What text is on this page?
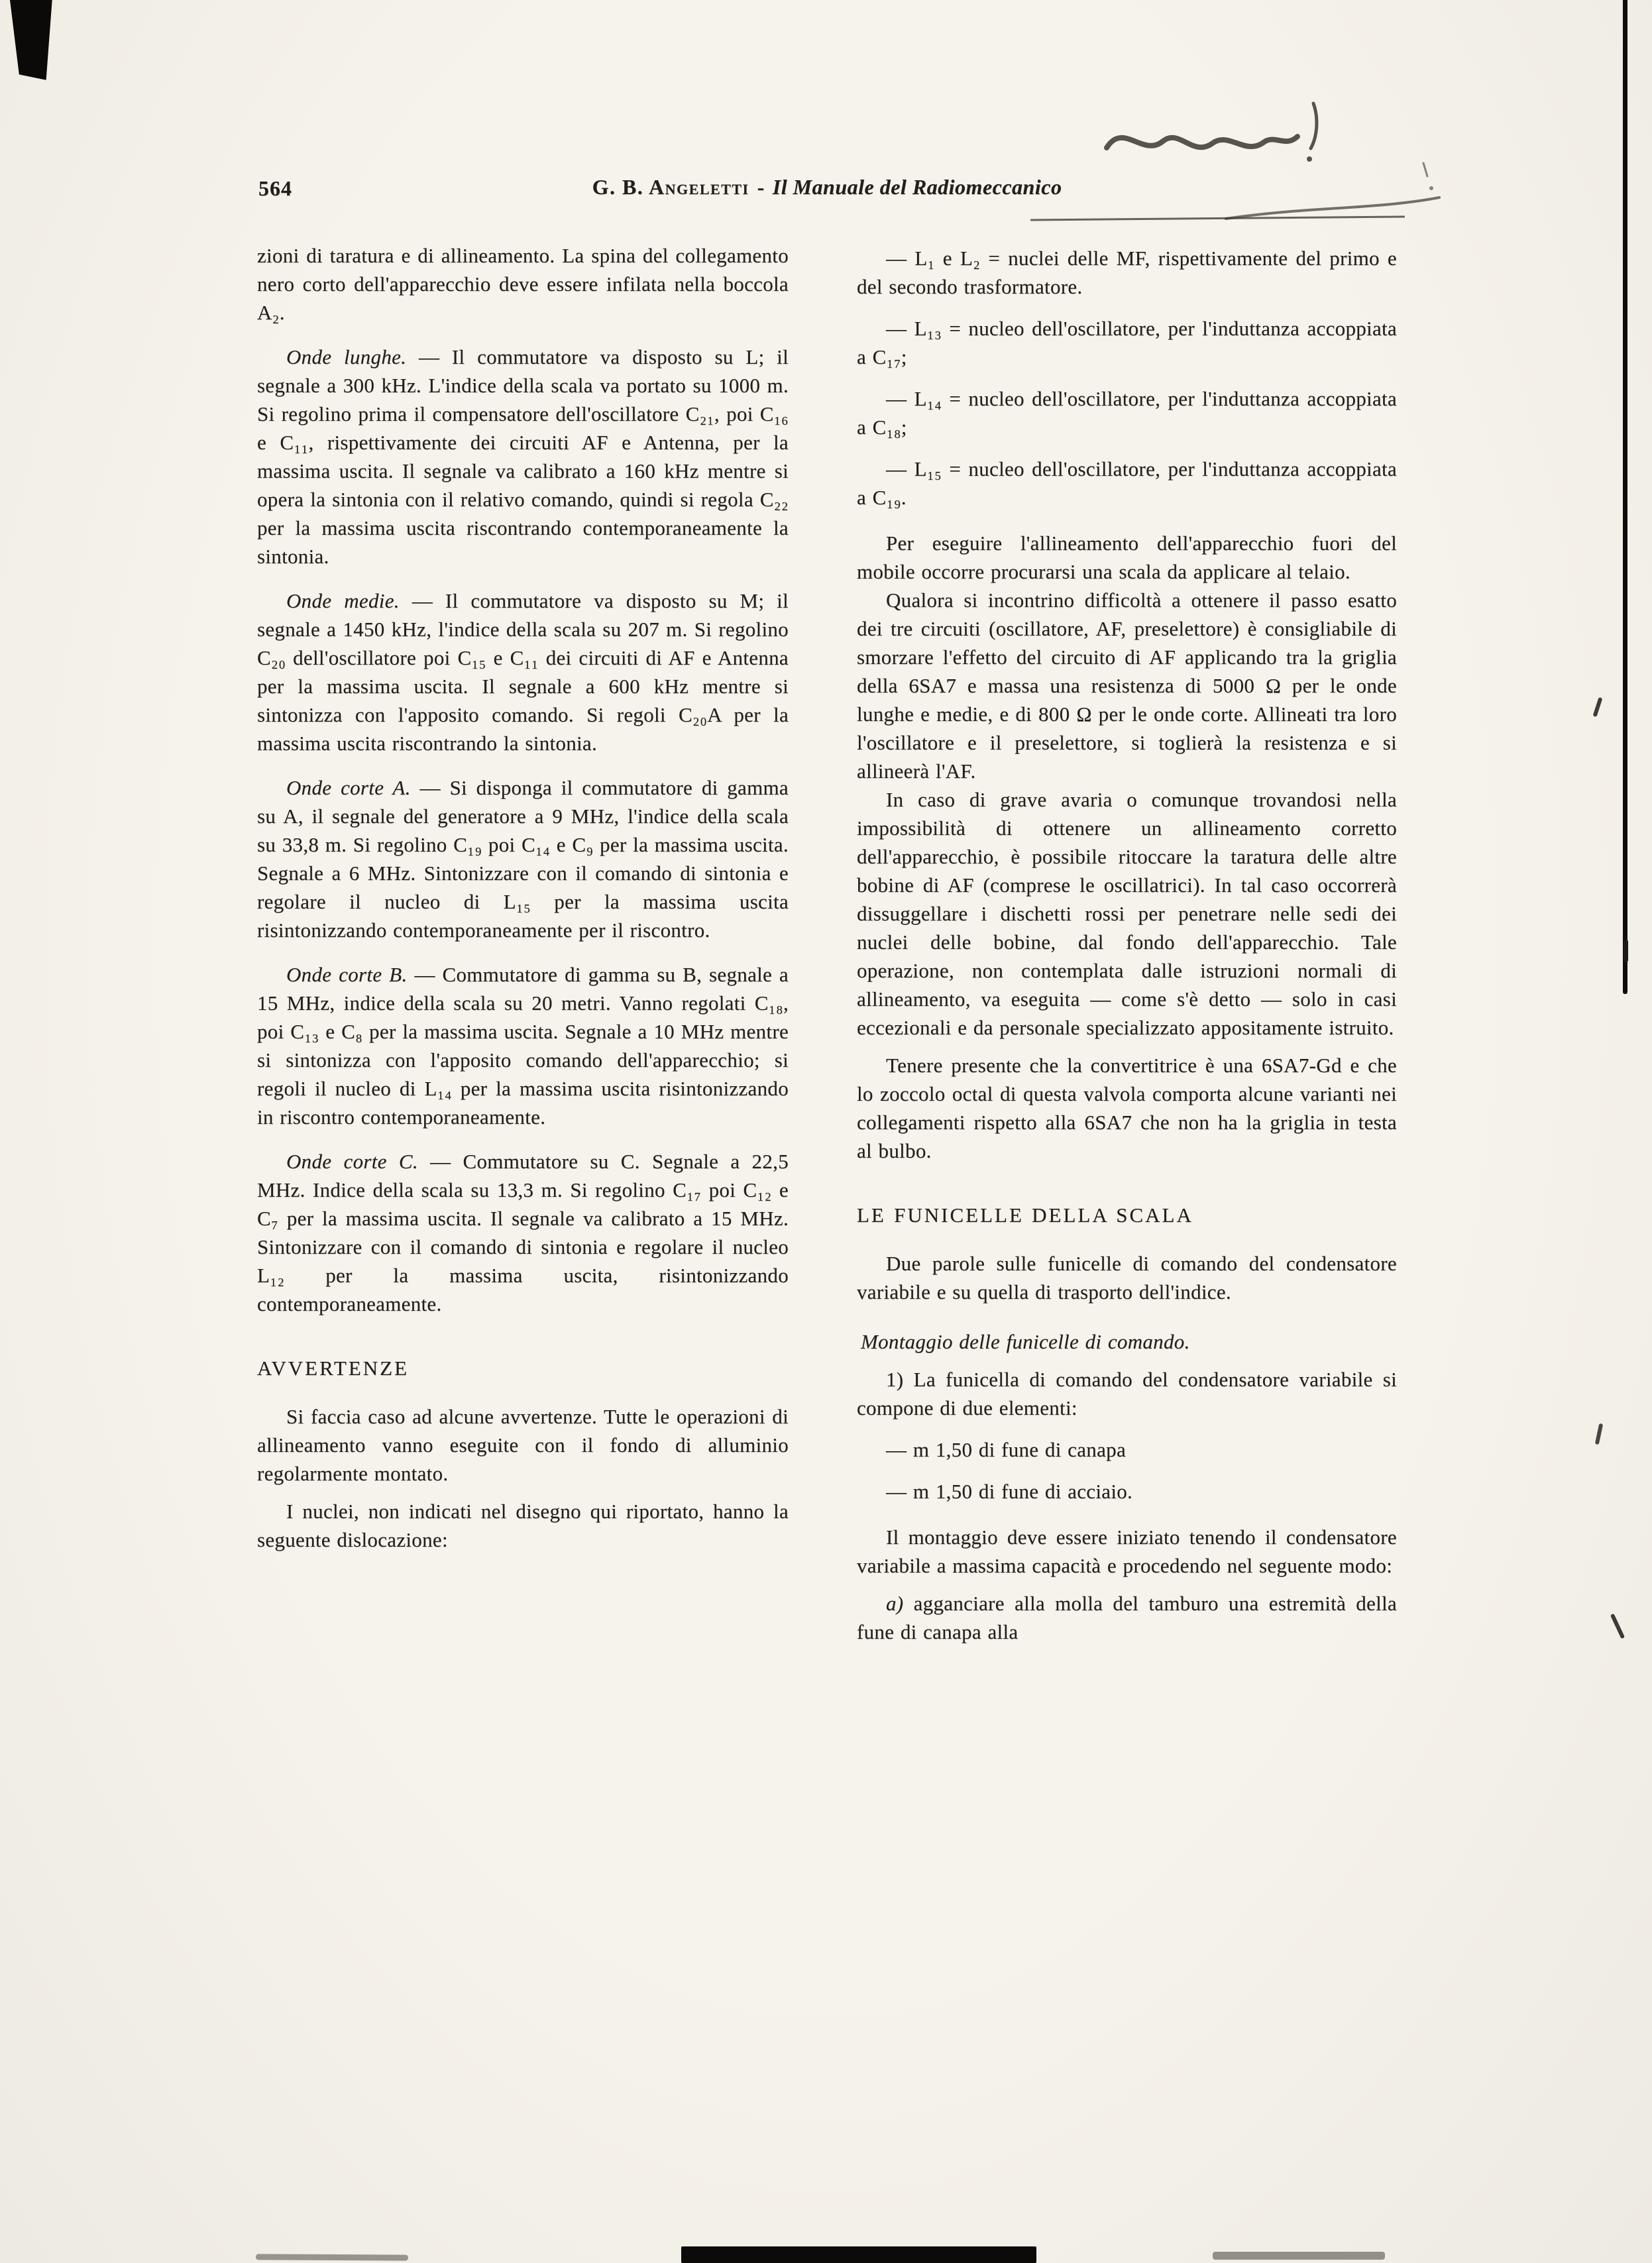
564	G. B. Angeletti - Il Manuale del Radiomeccanico

zioni di taratura e di allineamento. La spina del collegamento nero corto dell'apparecchio deve essere infilata nella boccola A₂.

Onde lunghe. — Il commutatore va disposto su L; il segnale a 300 kHz. L'indice della scala va portato su 1000 m. Si regolino prima il compensatore dell'oscillatore C₂₁, poi C₁₆ e C₁₁, rispettivamente dei circuiti AF e Antenna, per la massima uscita. Il segnale va calibrato a 160 kHz mentre si opera la sintonia con il relativo comando, quindi si regola C₂₂ per la massima uscita riscontrando contemporaneamente la sintonia.

Onde medie. — Il commutatore va disposto su M; il segnale a 1450 kHz, l'indice della scala su 207 m. Si regolino C₂₀ dell'oscillatore poi C₁₅ e C₁₁ dei circuiti di AF e Antenna per la massima uscita. Il segnale a 600 kHz mentre si sintonizza con l'apposito comando. Si regoli C₂₀A per la massima uscita riscontrando la sintonia.

Onde corte A. — Si disponga il commutatore di gamma su A, il segnale del generatore a 9 MHz, l'indice della scala su 33,8 m. Si regolino C₁₉ poi C₁₄ e C₉ per la massima uscita. Segnale a 6 MHz. Sintonizzare con il comando di sintonia e regolare il nucleo di L₁₅ per la massima uscita risintonizzando contemporaneamente per il riscontro.

Onde corte B. — Commutatore di gamma su B, segnale a 15 MHz, indice della scala su 20 metri. Vanno regolati C₁₈, poi C₁₃ e C₈ per la massima uscita. Segnale a 10 MHz mentre si sintonizza con l'apposito comando dell'apparecchio; si regoli il nucleo di L₁₄ per la massima uscita risintonizzando in riscontro contemporaneamente.

Onde corte C. — Commutatore su C. Segnale a 22,5 MHz. Indice della scala su 13,3 m. Si regolino C₁₇ poi C₁₂ e C₇ per la massima uscita. Il segnale va calibrato a 15 MHz. Sintonizzare con il comando di sintonia e regolare il nucleo L₁₂ per la massima uscita, risintonizzando contemporaneamente.

AVVERTENZE

Si faccia caso ad alcune avvertenze. Tutte le operazioni di allineamento vanno eseguite con il fondo di alluminio regolarmente montato.

I nuclei, non indicati nel disegno qui riportato, hanno la seguente dislocazione:

— L₁ e L₂ = nuclei delle MF, rispettivamente del primo e del secondo trasformatore.

— L₁₃ = nucleo dell'oscillatore, per l'induttanza accoppiata a C₁₇;

— L₁₄ = nucleo dell'oscillatore, per l'induttanza accoppiata a C₁₈;

— L₁₅ = nucleo dell'oscillatore, per l'induttanza accoppiata a C₁₉.

Per eseguire l'allineamento dell'apparecchio fuori del mobile occorre procurarsi una scala da applicare al telaio.

Qualora si incontrino difficoltà a ottenere il passo esatto dei tre circuiti (oscillatore, AF, preselettore) è consigliabile di smorzare l'effetto del circuito di AF applicando tra la griglia della 6SA7 e massa una resistenza di 5000 Ω per le onde lunghe e medie, e di 800 Ω per le onde corte. Allineati tra loro l'oscillatore e il preselettore, si toglierà la resistenza e si allineerà l'AF.

In caso di grave avaria o comunque trovandosi nella impossibilità di ottenere un allineamento corretto dell'apparecchio, è possibile ritoccare la taratura delle altre bobine di AF (comprese le oscillatrici). In tal caso occorrerà dissuggellare i dischetti rossi per penetrare nelle sedi dei nuclei delle bobine, dal fondo dell'apparecchio. Tale operazione, non contemplata dalle istruzioni normali di allineamento, va eseguita — come s'è detto — solo in casi eccezionali e da personale specializzato appositamente istruito.

Tenere presente che la convertitrice è una 6SA7-Gd e che lo zoccolo octal di questa valvola comporta alcune varianti nei collegamenti rispetto alla 6SA7 che non ha la griglia in testa al bulbo.

LE FUNICELLE DELLA SCALA

Due parole sulle funicelle di comando del condensatore variabile e su quella di trasporto dell'indice.

Montaggio delle funicelle di comando.

1) La funicella di comando del condensatore variabile si compone di due elementi:

— m 1,50 di fune di canapa

— m 1,50 di fune di acciaio.

Il montaggio deve essere iniziato tenendo il condensatore variabile a massima capacità e procedendo nel seguente modo:

a) agganciare alla molla del tamburo una estremità della fune di canapa alla
